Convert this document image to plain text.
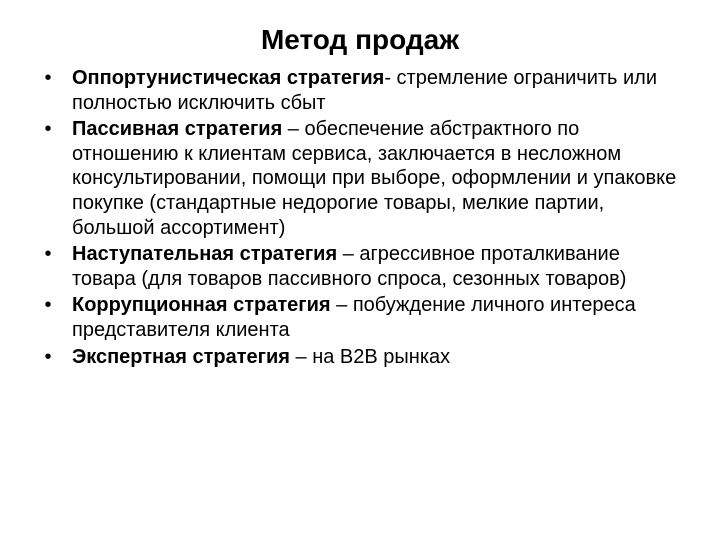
Метод продаж
• Оппортунистическая стратегия- стремление ограничить или полностью исключить сбыт
• Пассивная стратегия – обеспечение абстрактного по отношению к клиентам сервиса, заключается в несложном консультировании, помощи при выборе, оформлении и упаковке покупке (стандартные недорогие товары, мелкие партии, большой ассортимент)
• Наступательная стратегия – агрессивное проталкивание товара (для товаров пассивного спроса, сезонных товаров)
• Коррупционная стратегия – побуждение личного интереса представителя клиента
• Экспертная стратегия – на В2В рынках
